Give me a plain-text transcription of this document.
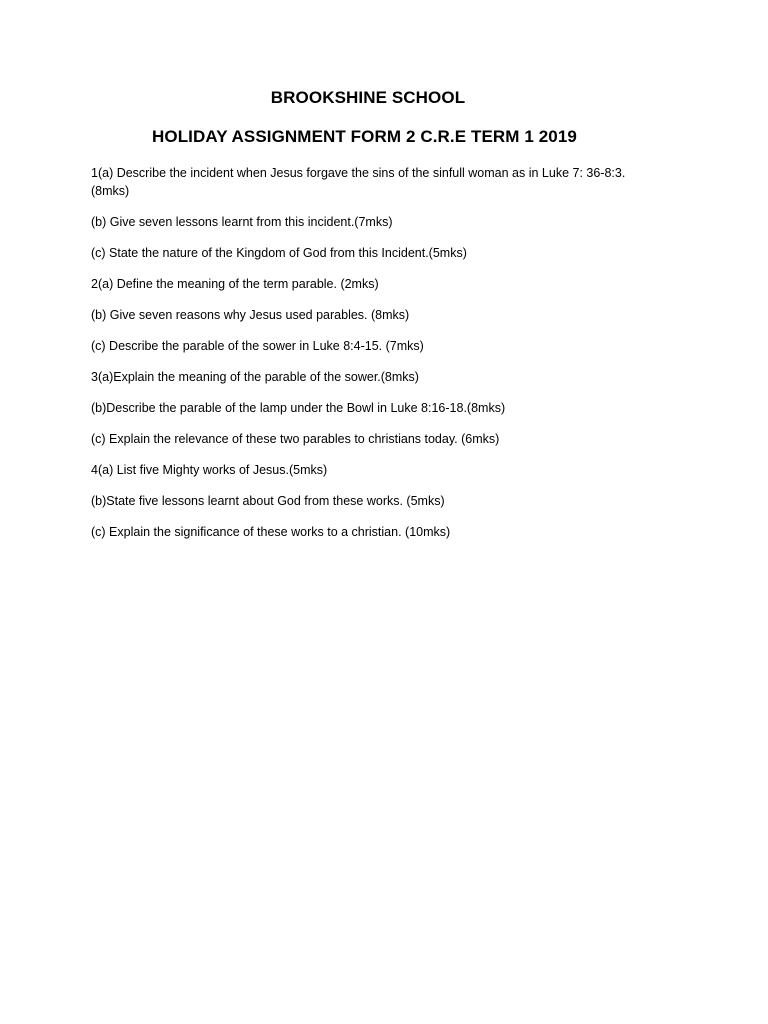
BROOKSHINE SCHOOL
HOLIDAY ASSIGNMENT FORM 2 C.R.E TERM 1 2019
1(a) Describe the incident when Jesus forgave the sins of the sinfull woman as in Luke 7: 36-8:3. (8mks)
(b) Give seven lessons learnt from this incident.(7mks)
(c) State the nature of the Kingdom of God from this Incident.(5mks)
2(a) Define the meaning of the term parable. (2mks)
(b) Give seven reasons why Jesus used parables. (8mks)
(c) Describe the parable of the sower in Luke 8:4-15. (7mks)
3(a)Explain the meaning of the parable of the sower.(8mks)
(b)Describe the parable of the lamp under the Bowl in Luke 8:16-18.(8mks)
(c) Explain the relevance of these two parables to christians today. (6mks)
4(a) List five Mighty works of Jesus.(5mks)
(b)State five lessons learnt about God from these works. (5mks)
(c) Explain the significance of these works to a christian. (10mks)
